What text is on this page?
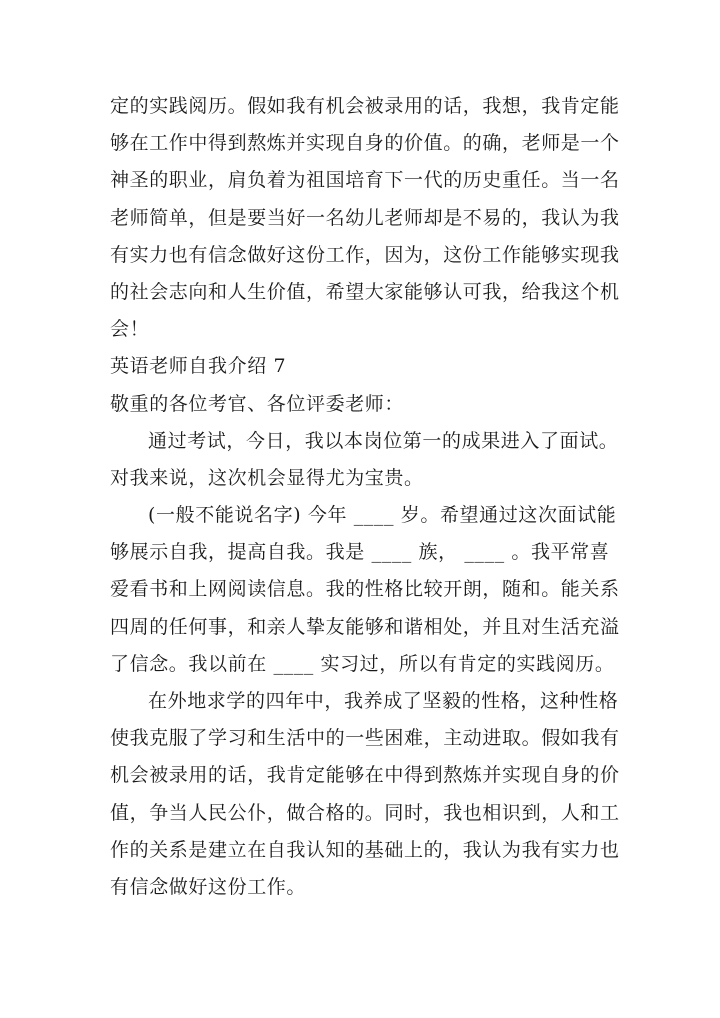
定的实践阅历。假如我有机会被录用的话，我想，我肯定能
够在工作中得到熬炼并实现自身的价值。的确，老师是一个
神圣的职业，肩负着为祖国培育下一代的历史重任。当一名
老师简单，但是要当好一名幼儿老师却是不易的，我认为我
有实力也有信念做好这份工作，因为，这份工作能够实现我
的社会志向和人生价值，希望大家能够认可我，给我这个机
会！
英语老师自我介绍 7
敬重的各位考官、各位评委老师：
通过考试，今日，我以本岗位第一的成果进入了面试。
对我来说，这次机会显得尤为宝贵。
(一般不能说名字) 今年 ____ 岁。希望通过这次面试能
够展示自我，提高自我。我是 ____ 族， ____ 。我平常喜
爱看书和上网阅读信息。我的性格比较开朗，随和。能关系
四周的任何事，和亲人挚友能够和谐相处，并且对生活充溢
了信念。我以前在 ____ 实习过，所以有肯定的实践阅历。
在外地求学的四年中，我养成了坚毅的性格，这种性格
使我克服了学习和生活中的一些困难，主动进取。假如我有
机会被录用的话，我肯定能够在中得到熬炼并实现自身的价
值，争当人民公仆，做合格的。同时，我也相识到，人和工
作的关系是建立在自我认知的基础上的，我认为我有实力也
有信念做好这份工作。
